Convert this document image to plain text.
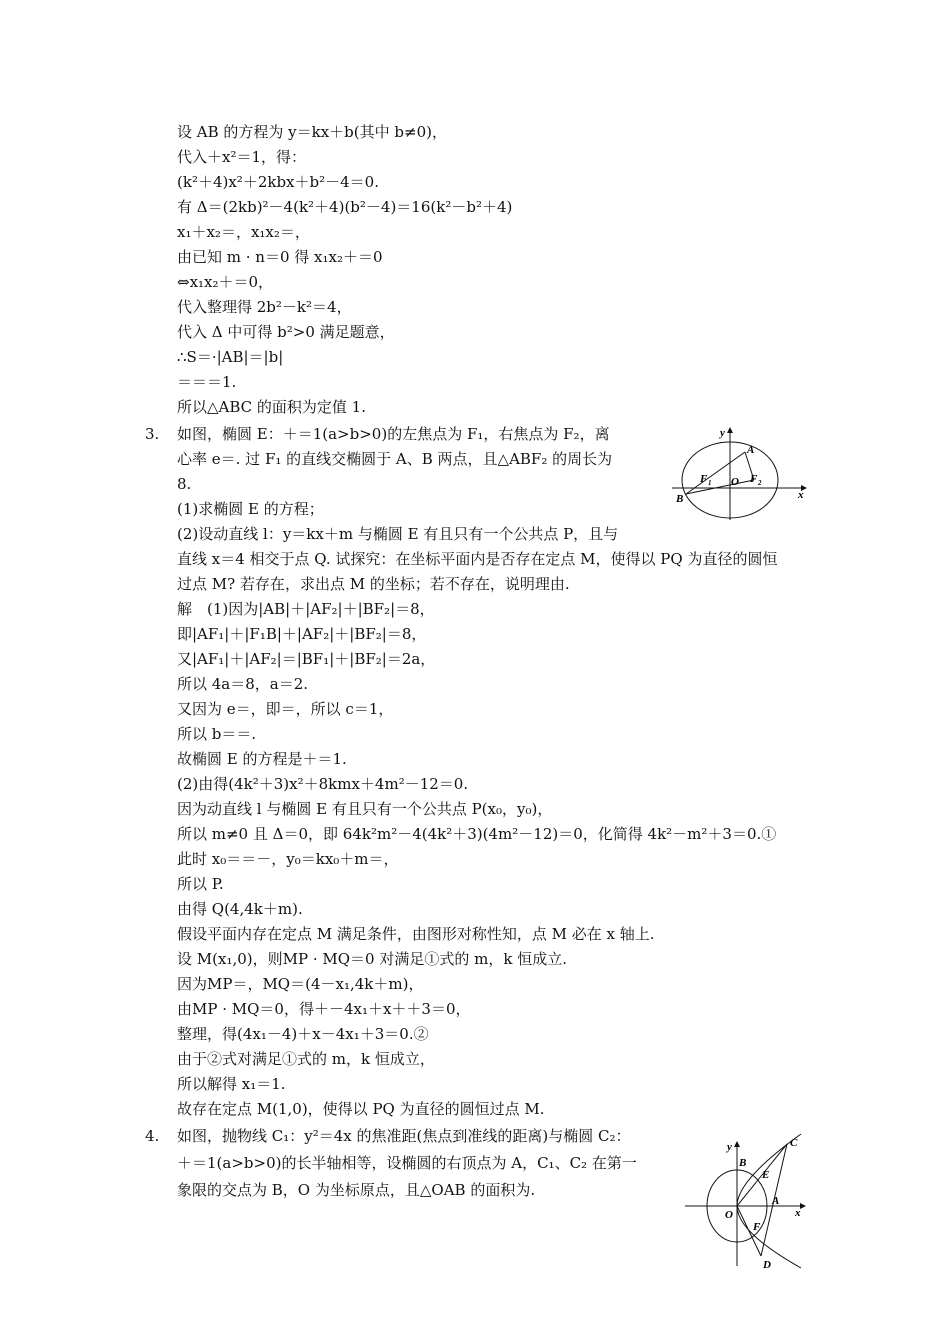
设 AB 的方程为 y＝kx＋b(其中 b≠0)，
代入＋x²＝1，得：
(k²＋4)x²＋2kbx＋b²－4＝0.
有 Δ＝(2kb)²－4(k²＋4)(b²－4)＝16(k²－b²＋4)
x₁＋x₂＝，x₁x₂＝，
由已知 m · n＝0 得 x₁x₂＋＝0
⇔x₁x₂＋＝0，
代入整理得 2b²－k²＝4，
代入 Δ 中可得 b²>0 满足题意，
∴S＝·|AB|＝|b|
＝＝＝1.
所以△ABC 的面积为定值 1.
3. 如图，椭圆 E：＋＝1(a>b>0)的左焦点为 F₁，右焦点为 F₂，离
心率 e＝. 过 F₁ 的直线交椭圆于 A、B 两点，且△ABF₂ 的周长为
8.
(1)求椭圆 E 的方程；
(2)设动直线 l：y＝kx＋m 与椭圆 E 有且只有一个公共点 P，且与
直线 x＝4 相交于点 Q. 试探究：在坐标平面内是否存在定点 M，使得以 PQ 为直径的圆恒
过点 M? 若存在，求出点 M 的坐标；若不存在，说明理由.
解　(1)因为|AB|＋|AF₂|＋|BF₂|＝8，
即|AF₁|＋|F₁B|＋|AF₂|＋|BF₂|＝8，
又|AF₁|＋|AF₂|＝|BF₁|＋|BF₂|＝2a，
所以 4a＝8，a＝2.
又因为 e＝，即＝，所以 c＝1，
所以 b＝＝.
故椭圆 E 的方程是＋＝1.
(2)由得(4k²＋3)x²＋8kmx＋4m²－12＝0.
因为动直线 l 与椭圆 E 有且只有一个公共点 P(x₀，y₀)，
所以 m≠0 且 Δ＝0，即 64k²m²－4(4k²＋3)(4m²－12)＝0，化简得 4k²－m²＋3＝0.①
此时 x₀＝＝－，y₀＝kx₀＋m＝，
所以 P.
由得 Q(4,4k＋m).
假设平面内存在定点 M 满足条件，由图形对称性知，点 M 必在 x 轴上.
设 M(x₁,0)，则MP · MQ＝0 对满足①式的 m，k 恒成立.
因为MP＝，MQ＝(4－x₁,4k＋m)，
由MP · MQ＝0，得＋－4x₁＋x＋＋3＝0，
整理，得(4x₁－4)＋x－4x₁＋3＝0.②
由于②式对满足①式的 m，k 恒成立，
所以解得 x₁＝1.
故存在定点 M(1,0)，使得以 PQ 为直径的圆恒过点 M.
y
x
A
B
O
F 1	F 2
4. 如图，抛物线 C₁：y²＝4x 的焦准距(焦点到准线的距离)与椭圆 C₂：
＋＝1(a>b>0)的长半轴相等，设椭圆的右顶点为 A，C₁、C₂ 在第一
象限的交点为 B，O 为坐标原点，且△OAB 的面积为.
y
x
O
A
B
C
D
E
F
